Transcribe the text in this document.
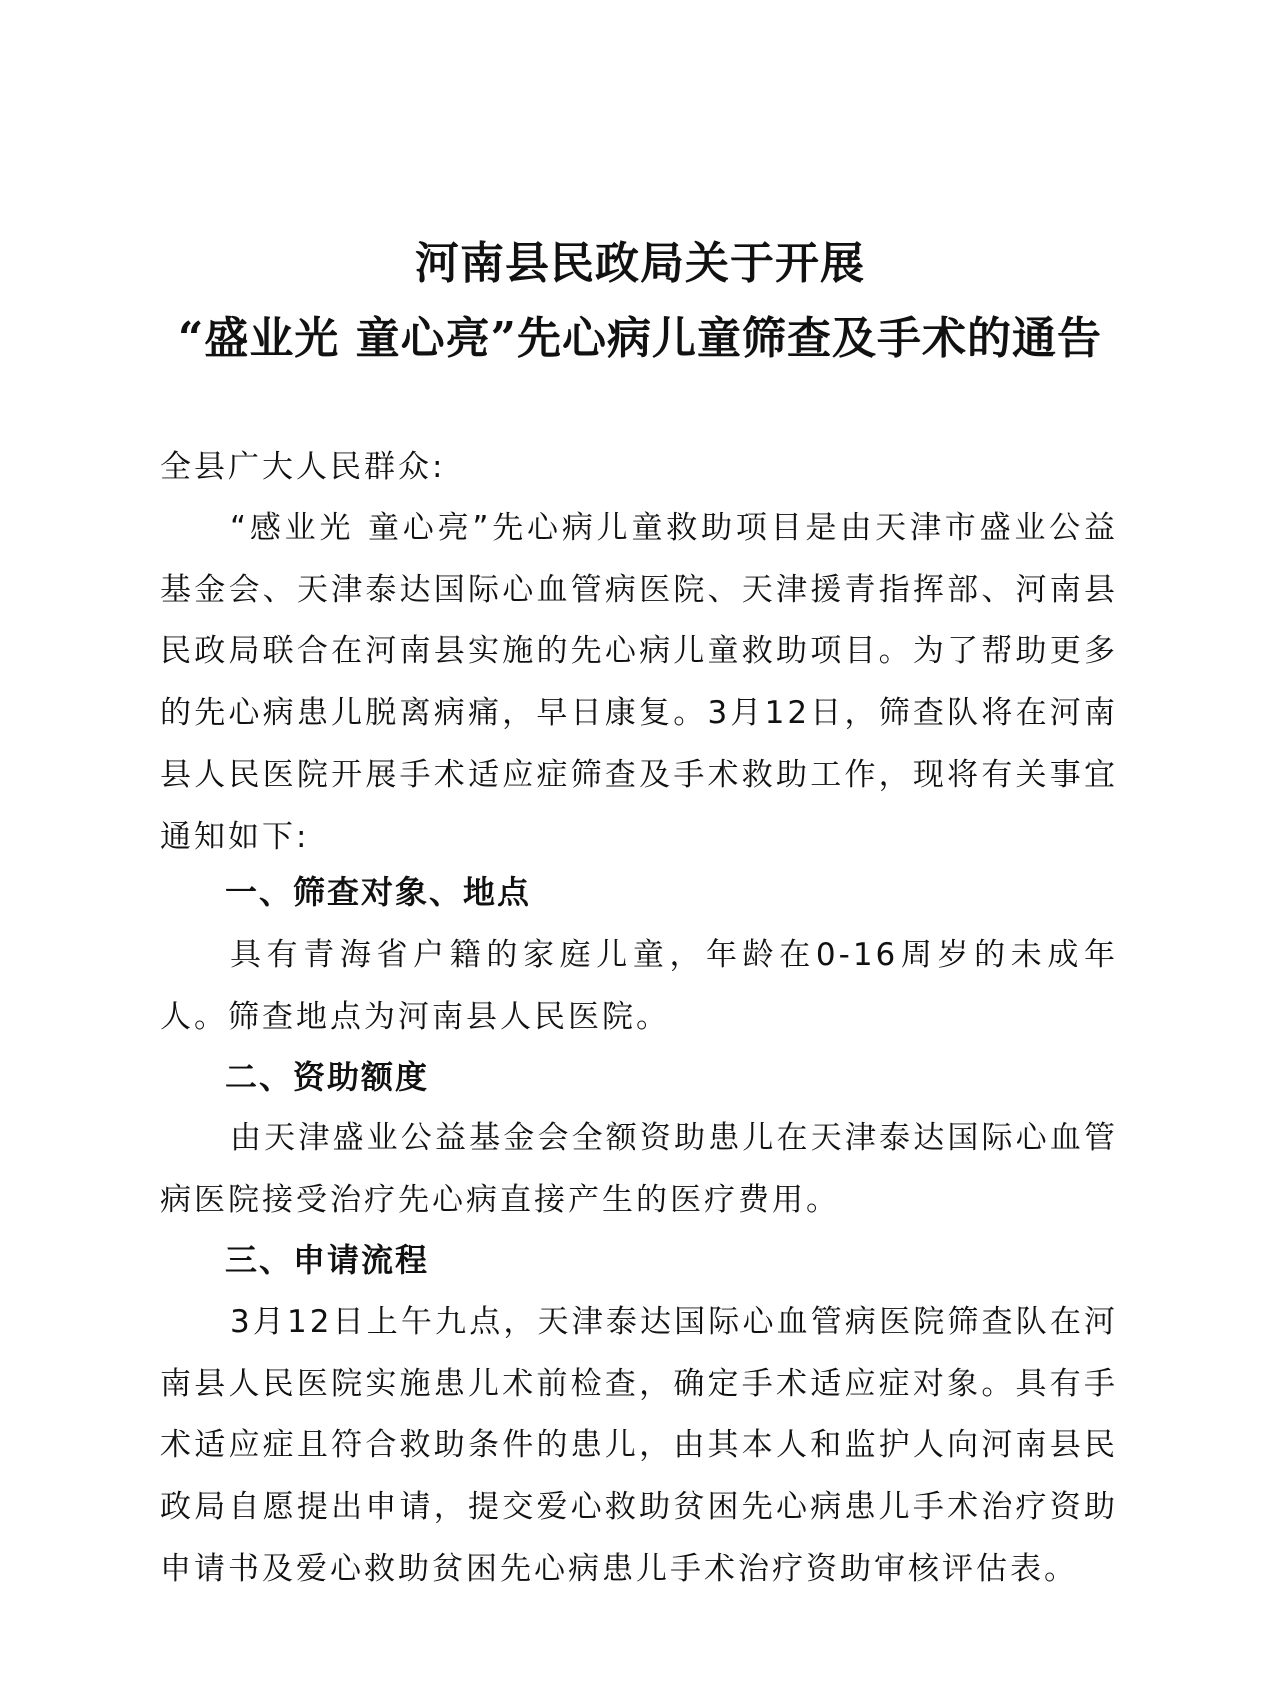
河南县民政局关于开展
“盛业光 童心亮”先心病儿童筛查及手术的通告

全县广大人民群众:

“感业光 童心亮”先心病儿童救助项目是由天津市盛业公益基金会、天津泰达国际心血管病医院、天津援青指挥部、河南县民政局联合在河南县实施的先心病儿童救助项目。为了帮助更多的先心病患儿脱离病痛，早日康复。3月12日，筛查队将在河南县人民医院开展手术适应症筛查及手术救助工作，现将有关事宜通知如下:

一、筛查对象、地点

具有青海省户籍的家庭儿童，年龄在0-16周岁的未成年人。筛查地点为河南县人民医院。

二、资助额度

由天津盛业公益基金会全额资助患儿在天津泰达国际心血管病医院接受治疗先心病直接产生的医疗费用。

三、申请流程

3月12日上午九点，天津泰达国际心血管病医院筛查队在河南县人民医院实施患儿术前检查，确定手术适应症对象。具有手术适应症且符合救助条件的患儿，由其本人和监护人向河南县民政局自愿提出申请，提交爱心救助贫困先心病患儿手术治疗资助申请书及爱心救助贫困先心病患儿手术治疗资助审核评估表。
